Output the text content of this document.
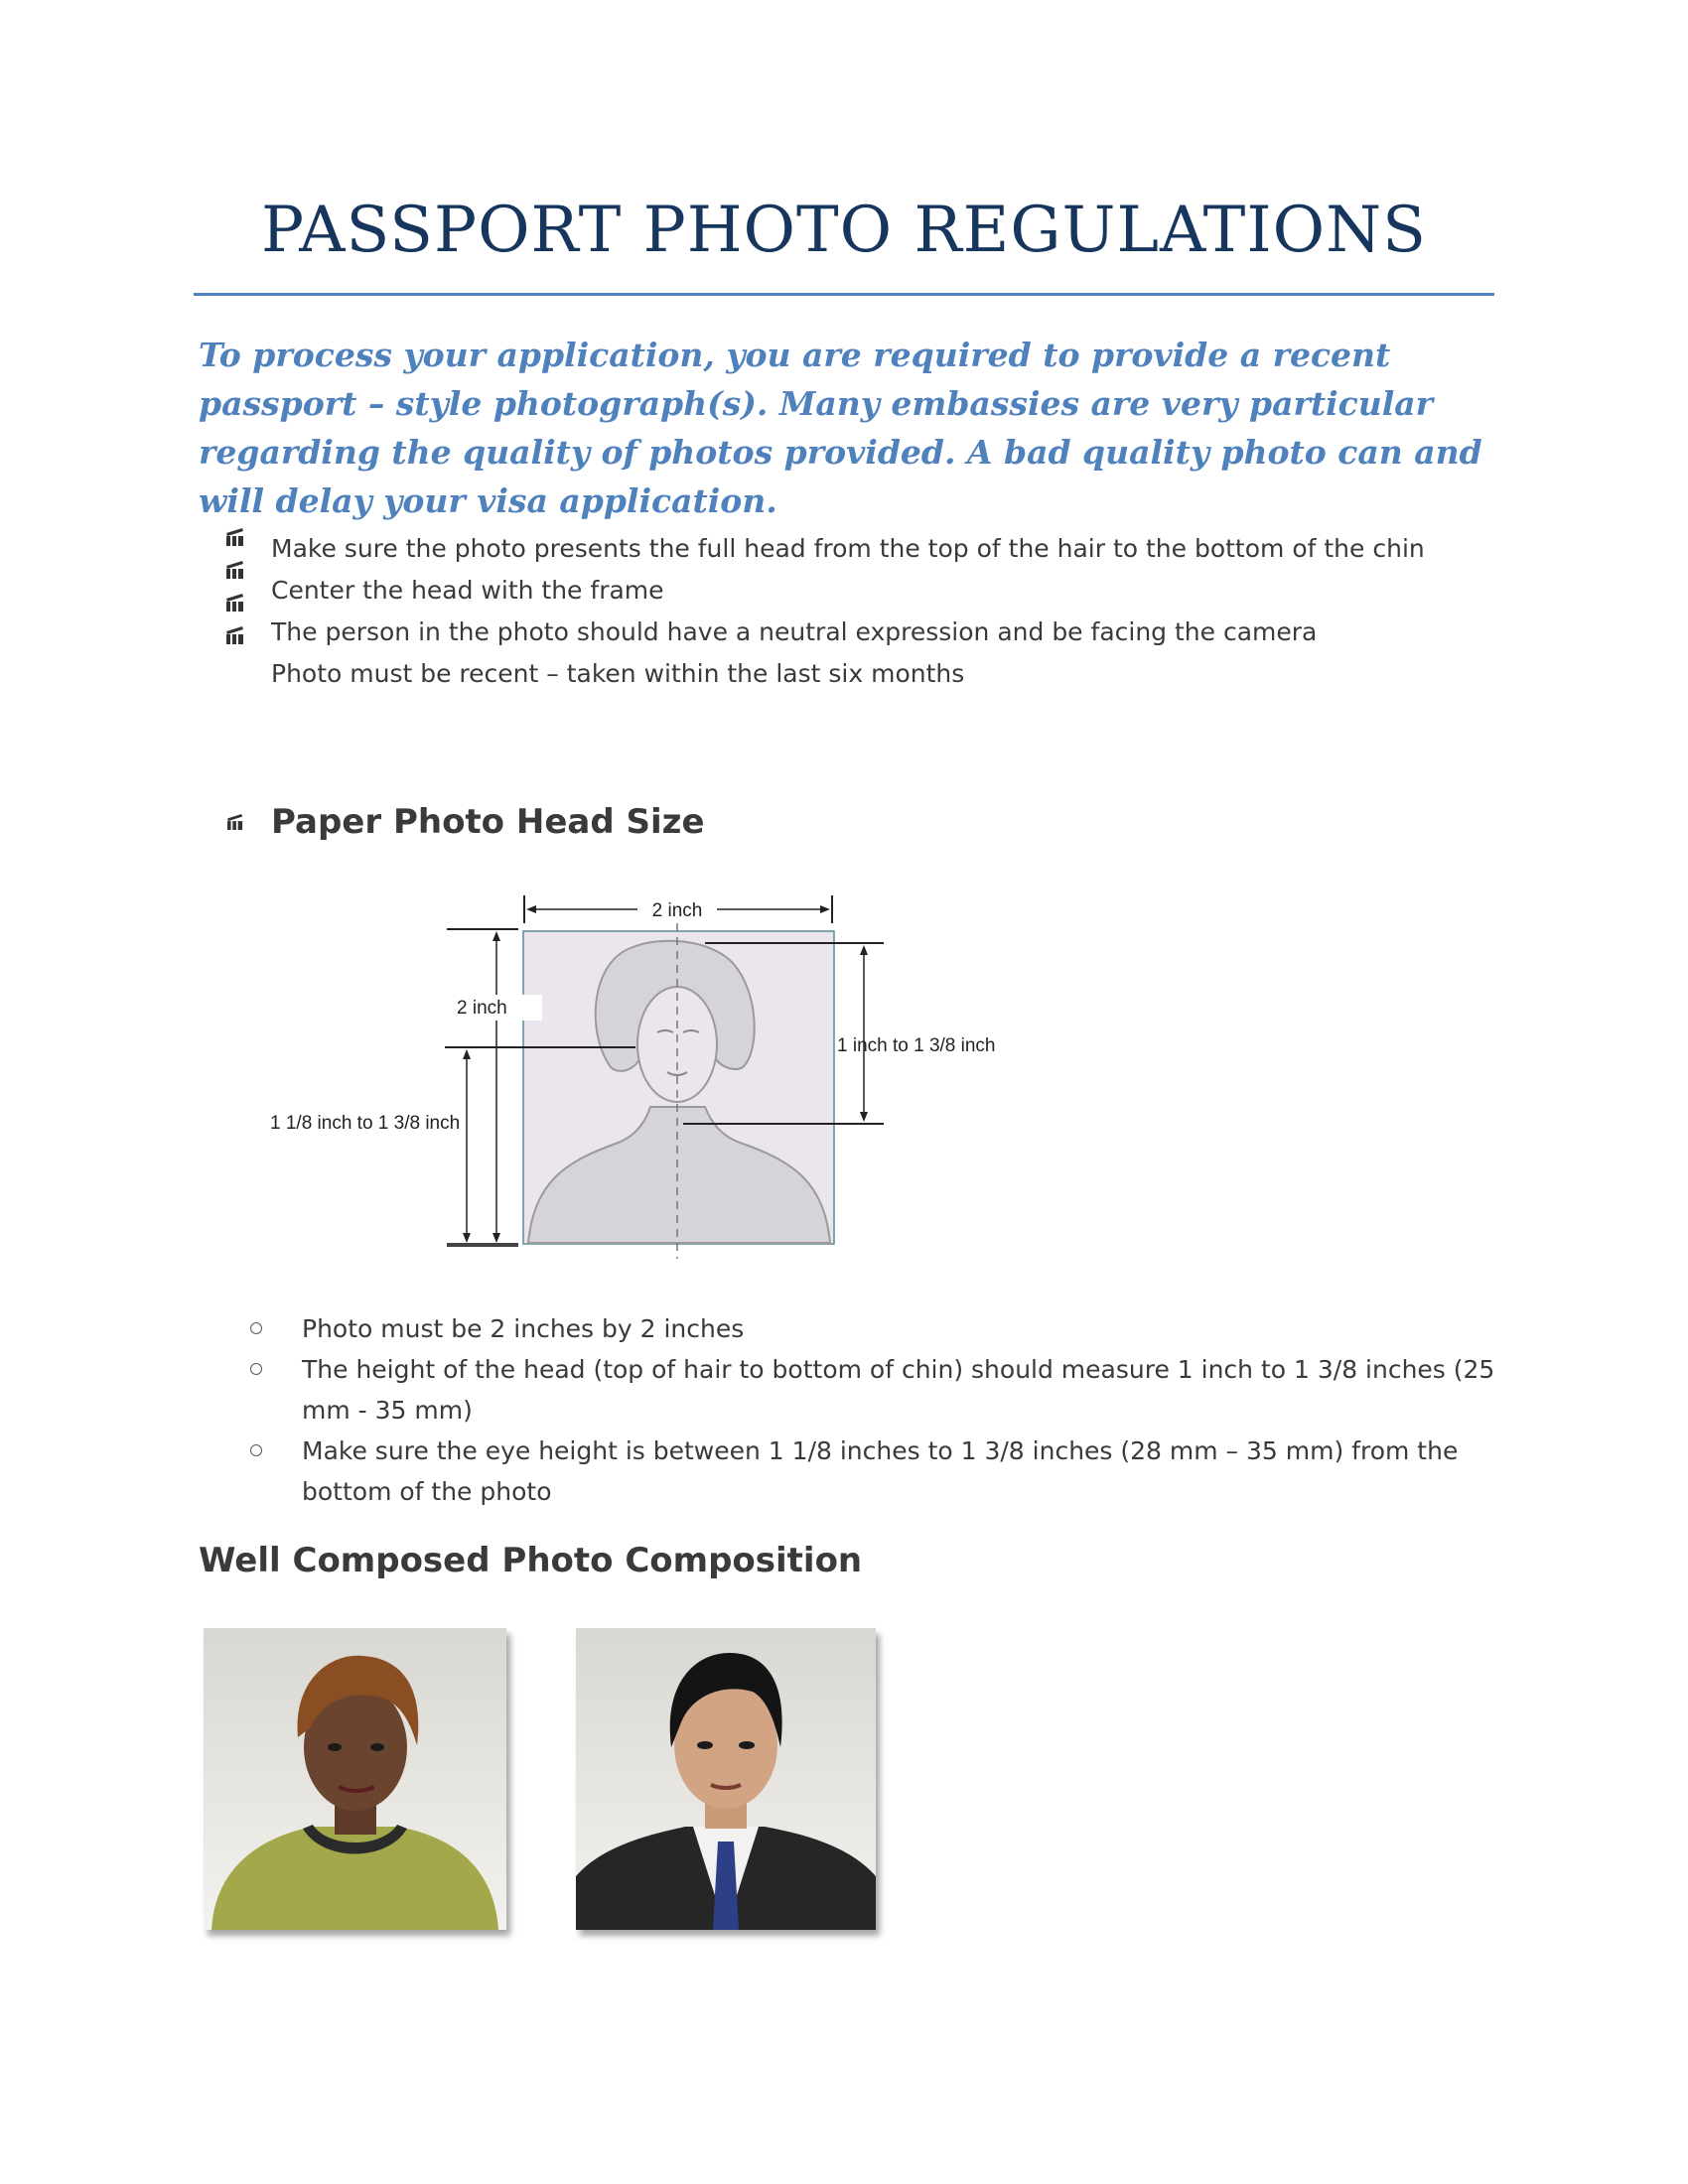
PASSPORT PHOTO REGULATIONS
To process your application, you are required to provide a recent passport – style photograph(s). Many embassies are very particular regarding the quality of photos provided. A bad quality photo can and will delay your visa application.
Make sure the photo presents the full head from the top of the hair to the bottom of the chin
Center the head with the frame
The person in the photo should have a neutral expression and be facing the camera
Photo must be recent – taken within the last six months
Paper Photo Head Size
2 inch
2 inch
1 1/8 inch to 1 3/8 inch
1 inch to 1 3/8 inch
Photo must be 2 inches by 2 inches
The height of the head (top of hair to bottom of chin) should measure 1 inch to 1 3/8 inches (25 mm - 35 mm)
Make sure the eye height is between 1 1/8 inches to 1 3/8 inches (28 mm – 35 mm) from the bottom of the photo
Well Composed Photo Composition
